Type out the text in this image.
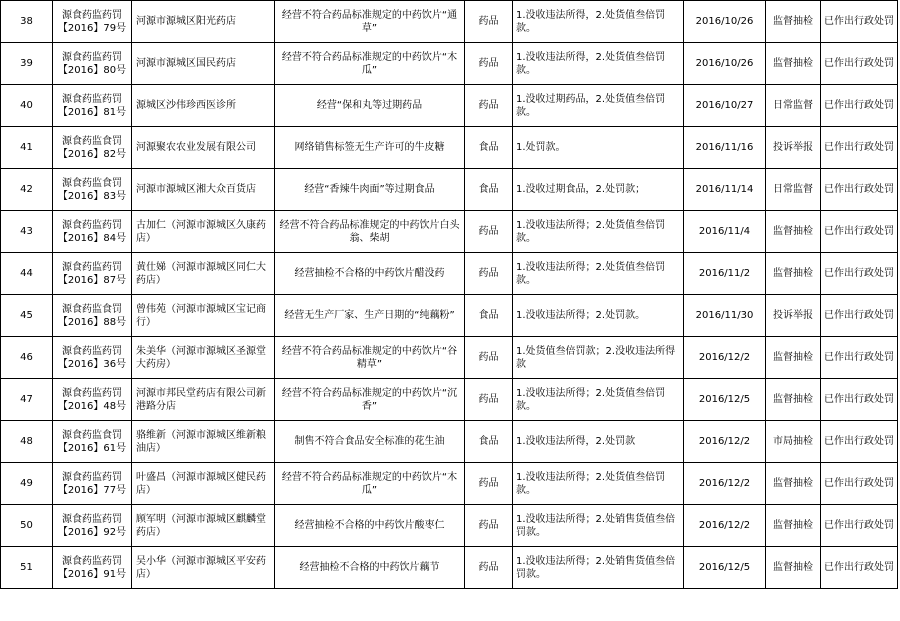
38	源食药监药罚【2016】79号	河源市源城区阳光药店	经营不符合药品标准规定的中药饮片“通草”	药品	1.没收违法所得，2.处货值叁倍罚款。	2016/10/26	监督抽检	已作出行政处罚
39	源食药监药罚【2016】80号	河源市源城区国民药店	经营不符合药品标准规定的中药饮片“木瓜”	药品	1.没收违法所得，2.处货值叁倍罚款。	2016/10/26	监督抽检	已作出行政处罚
40	源食药监药罚【2016】81号	源城区沙伟珍西医诊所	经营“保和丸等过期药品	药品	1.没收过期药品，2.处货值叁倍罚款。	2016/10/27	日常监督	已作出行政处罚
41	源食药监食罚【2016】82号	河源聚农农业发展有限公司	网络销售标签无生产许可的牛皮糖	食品	1.处罚款。	2016/11/16	投诉举报	已作出行政处罚
42	源食药监食罚【2016】83号	河源市源城区湘大众百货店	经营“香辣牛肉面”等过期食品	食品	1.没收过期食品，2.处罚款；	2016/11/14	日常监督	已作出行政处罚
43	源食药监药罚【2016】84号	古加仁（河源市源城区久康药店）	经营不符合药品标准规定的中药饮片白头翁、柴胡	药品	1.没收违法所得；2.处货值叁倍罚款。	2016/11/4	监督抽检	已作出行政处罚
44	源食药监药罚【2016】87号	黄仕娣（河源市源城区同仁大药店）	经营抽检不合格的中药饮片醋没药	药品	1.没收违法所得；2.处货值叁倍罚款。	2016/11/2	监督抽检	已作出行政处罚
45	源食药监食罚【2016】88号	曾伟苑（河源市源城区宝记商行）	经营无生产厂家、生产日期的“纯藕粉”	食品	1.没收违法所得；2.处罚款。	2016/11/30	投诉举报	已作出行政处罚
46	源食药监药罚【2016】36号	朱美华（河源市源城区圣源堂大药房）	经营不符合药品标准规定的中药饮片“谷精草”	药品	1.处货值叁倍罚款；2.没收违法所得款	2016/12/2	监督抽检	已作出行政处罚
47	源食药监药罚【2016】48号	河源市邦民堂药店有限公司新港路分店	经营不符合药品标准规定的中药饮片“沉香”	药品	1.没收违法所得；2.处货值叁倍罚款。	2016/12/5	监督抽检	已作出行政处罚
48	源食药监食罚【2016】61号	骆维新（河源市源城区维新粮油店）	制售不符合食品安全标准的花生油	食品	1.没收违法所得，2.处罚款	2016/12/2	市局抽检	已作出行政处罚
49	源食药监药罚【2016】77号	叶盛昌（河源市源城区健民药店）	经营不符合药品标准规定的中药饮片“木瓜”	药品	1.没收违法所得；2.处货值叁倍罚款。	2016/12/2	监督抽检	已作出行政处罚
50	源食药监药罚【2016】92号	顾军明（河源市源城区麒麟堂药店）	经营抽检不合格的中药饮片酸枣仁	药品	1.没收违法所得；2.处销售货值叁倍罚款。	2016/12/2	监督抽检	已作出行政处罚
51	源食药监药罚【2016】91号	吴小华（河源市源城区平安药店）	经营抽检不合格的中药饮片藕节	药品	1.没收违法所得；2.处销售货值叁倍罚款。	2016/12/5	监督抽检	已作出行政处罚
